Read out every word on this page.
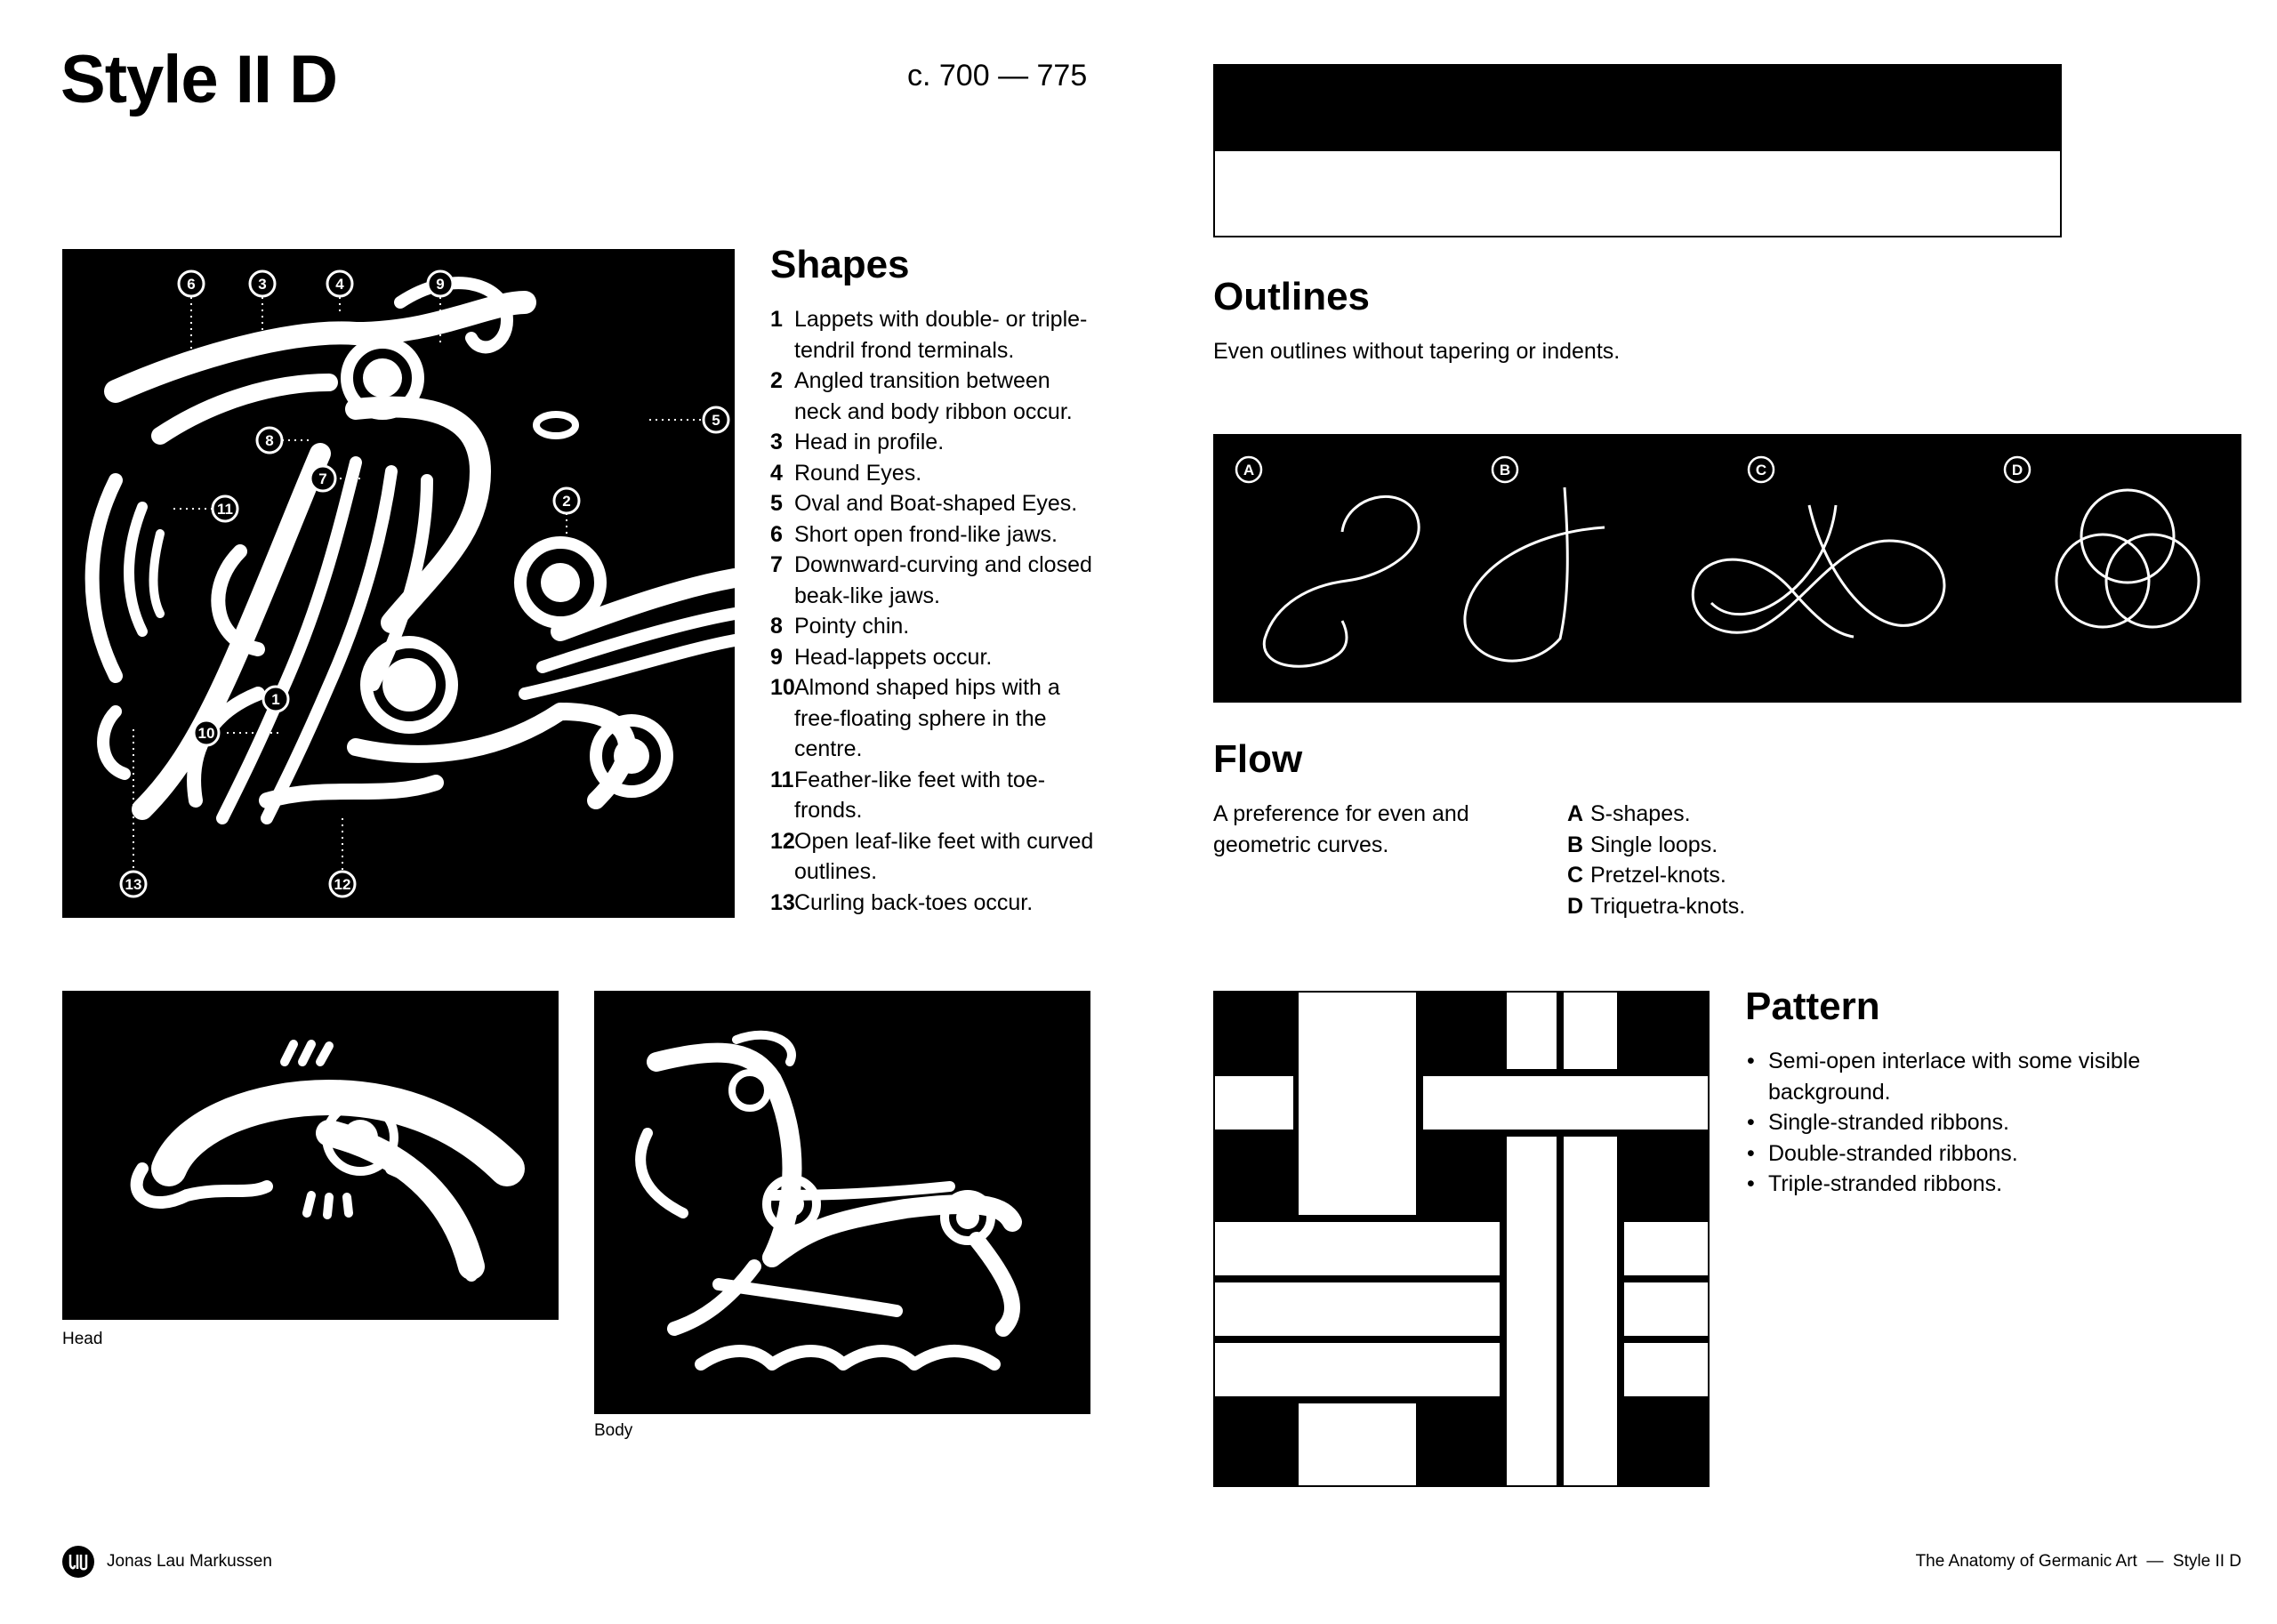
Style II D	c. 700 — 775
6	3	4	9
5
2
7
8
11
1
10
13	12
Shapes
1 Lappets with double- or triple-tendril frond terminals.
2 Angled transition between neck and body ribbon occur.
3 Head in profile.
4 Round Eyes.
5 Oval and Boat-shaped Eyes.
6 Short open frond-like jaws.
7 Downward-curving and closed beak-like jaws.
8 Pointy chin.
9 Head-lappets occur.
10 Almond shaped hips with a free-floating sphere in the centre.
11 Feather-like feet with toe-fronds.
12 Open leaf-like feet with curved outlines.
13 Curling back-toes occur.
Outlines
Even outlines without tapering or indents.
A	B	C	D
Flow
A preference for even and geometric curves.
A S-shapes.
B Single loops.
C Pretzel-knots.
D Triquetra-knots.
Head
Body
Pattern
• Semi-open interlace with some visible background.
• Single-stranded ribbons.
• Double-stranded ribbons.
• Triple-stranded ribbons.
Jonas Lau Markussen	The Anatomy of Germanic Art  —  Style II D
